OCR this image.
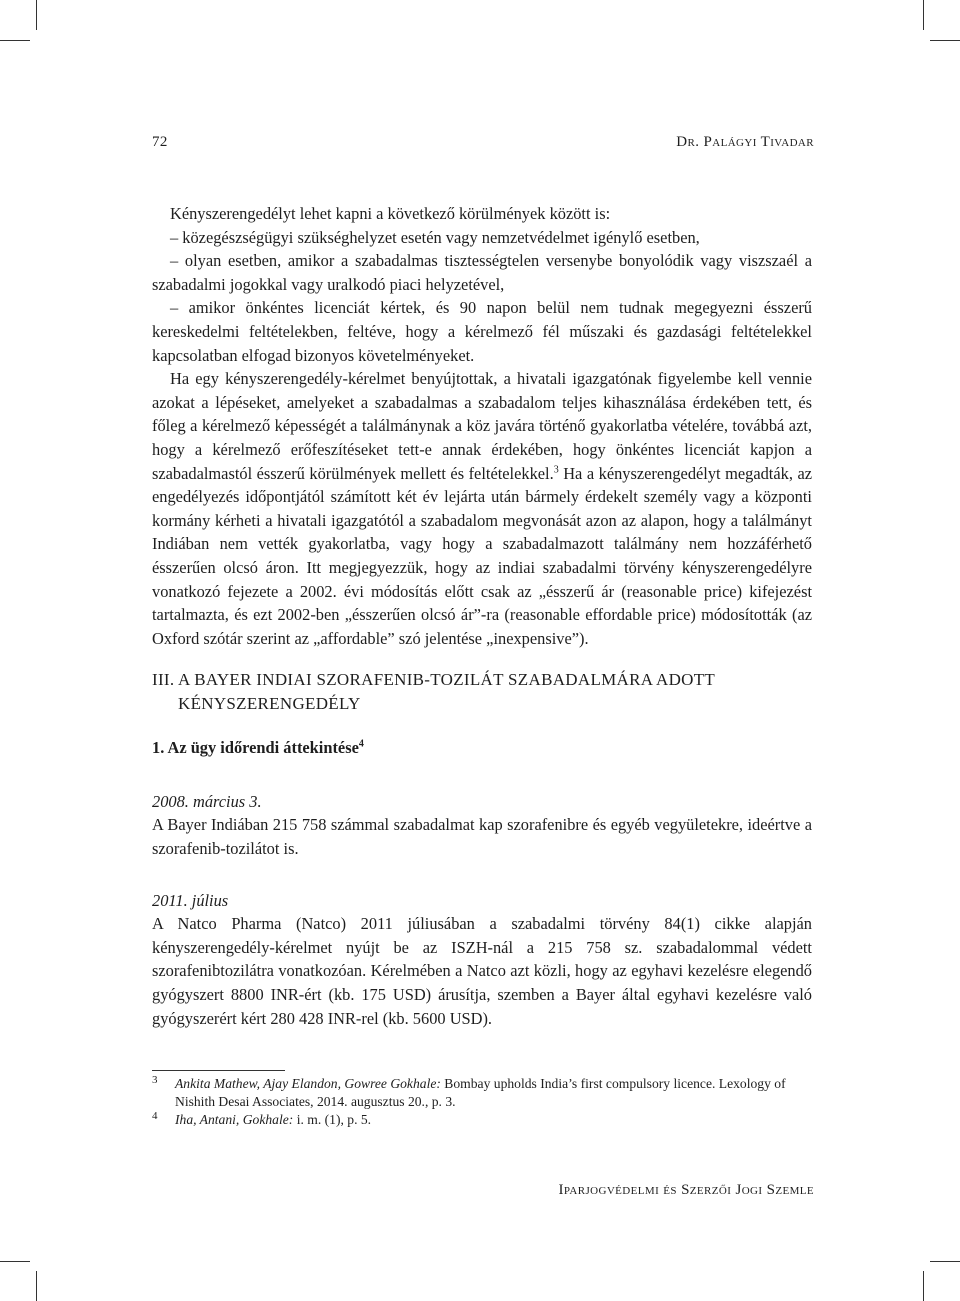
72	Dr. Palágyi Tivadar

Kényszerengedélyt lehet kapni a következő körülmények között is:

– közegészségügyi szükséghelyzet esetén vagy nemzetvédelmet igénylő esetben,

– olyan esetben, amikor a szabadalmas tisztességtelen versenybe bonyolódik vagy viszszaél a szabadalmi jogokkal vagy uralkodó piaci helyzetével,

– amikor önkéntes licenciát kértek, és 90 napon belül nem tudnak megegyezni ésszerű kereskedelmi feltételekben, feltéve, hogy a kérelmező fél műszaki és gazdasági feltételekkel kapcsolatban elfogad bizonyos követelményeket.

Ha egy kényszerengedély-kérelmet benyújtottak, a hivatali igazgatónak figyelembe kell vennie azokat a lépéseket, amelyeket a szabadalmas a szabadalom teljes kihasználása érdekében tett, és főleg a kérelmező képességét a találmánynak a köz javára történő gyakorlatba vételére, továbbá azt, hogy a kérelmező erőfeszítéseket tett-e annak érdekében, hogy önkéntes licenciát kapjon a szabadalmastól ésszerű körülmények mellett és feltételekkel.$^3$ Ha a kényszerengedélyt megadták, az engedélyezés időpontjától számított két év lejárta után bármely érdekelt személy vagy a központi kormány kérheti a hivatali igazgatótól a szabadalom megvonását azon az alapon, hogy a találmányt Indiában nem vették gyakorlatba, vagy hogy a szabadalmazott találmány nem hozzáférhető ésszerűen olcsó áron. Itt megjegyezzük, hogy az indiai szabadalmi törvény kényszerengedélyre vonatkozó fejezete a 2002. évi módosítás előtt csak az „ésszerű ár (reasonable price) kifejezést tartalmazta, és ezt 2002-ben „ésszerűen olcsó ár”-ra (reasonable effordable price) módosították (az Oxford szótár szerint az „affordable” szó jelentése „inexpensive”).

III. A BAYER INDIAI SZORAFENIB-TOZILÁT SZABADALMÁRA ADOTT
KÉNYSZERENGEDÉLY
1. Az ügy időrendi áttekintése$^4$

2008. március 3.

A Bayer Indiában 215 758 számmal szabadalmat kap szorafenibre és egyéb vegyületekre, ideértve a szorafenib-tozilátot is.

2011. július

A Natco Pharma (Natco) 2011 júliusában a szabadalmi törvény 84(1) cikke alapján kényszerengedély-kérelmet nyújt be az ISZH-nál a 215 758 sz. szabadalommal védett szorafenibtozilátra vonatkozóan. Kérelmében a Natco azt közli, hogy az egyhavi kezelésre elegendő gyógyszert 8800 INR-ért (kb. 175 USD) árusítja, szemben a Bayer által egyhavi kezelésre való gyógyszerért kért 280 428 INR-rel (kb. 5600 USD).

3 Ankita Mathew, Ajay Elandon, Gowree Gokhale: Bombay upholds India’s first compulsory licence. Lexology of Nishith Desai Associates, 2014. augusztus 20., p. 3.

4 Iha, Antani, Gokhale: i. m. (1), p. 5.

Iparjogvédelmi és Szerzői Jogi Szemle
